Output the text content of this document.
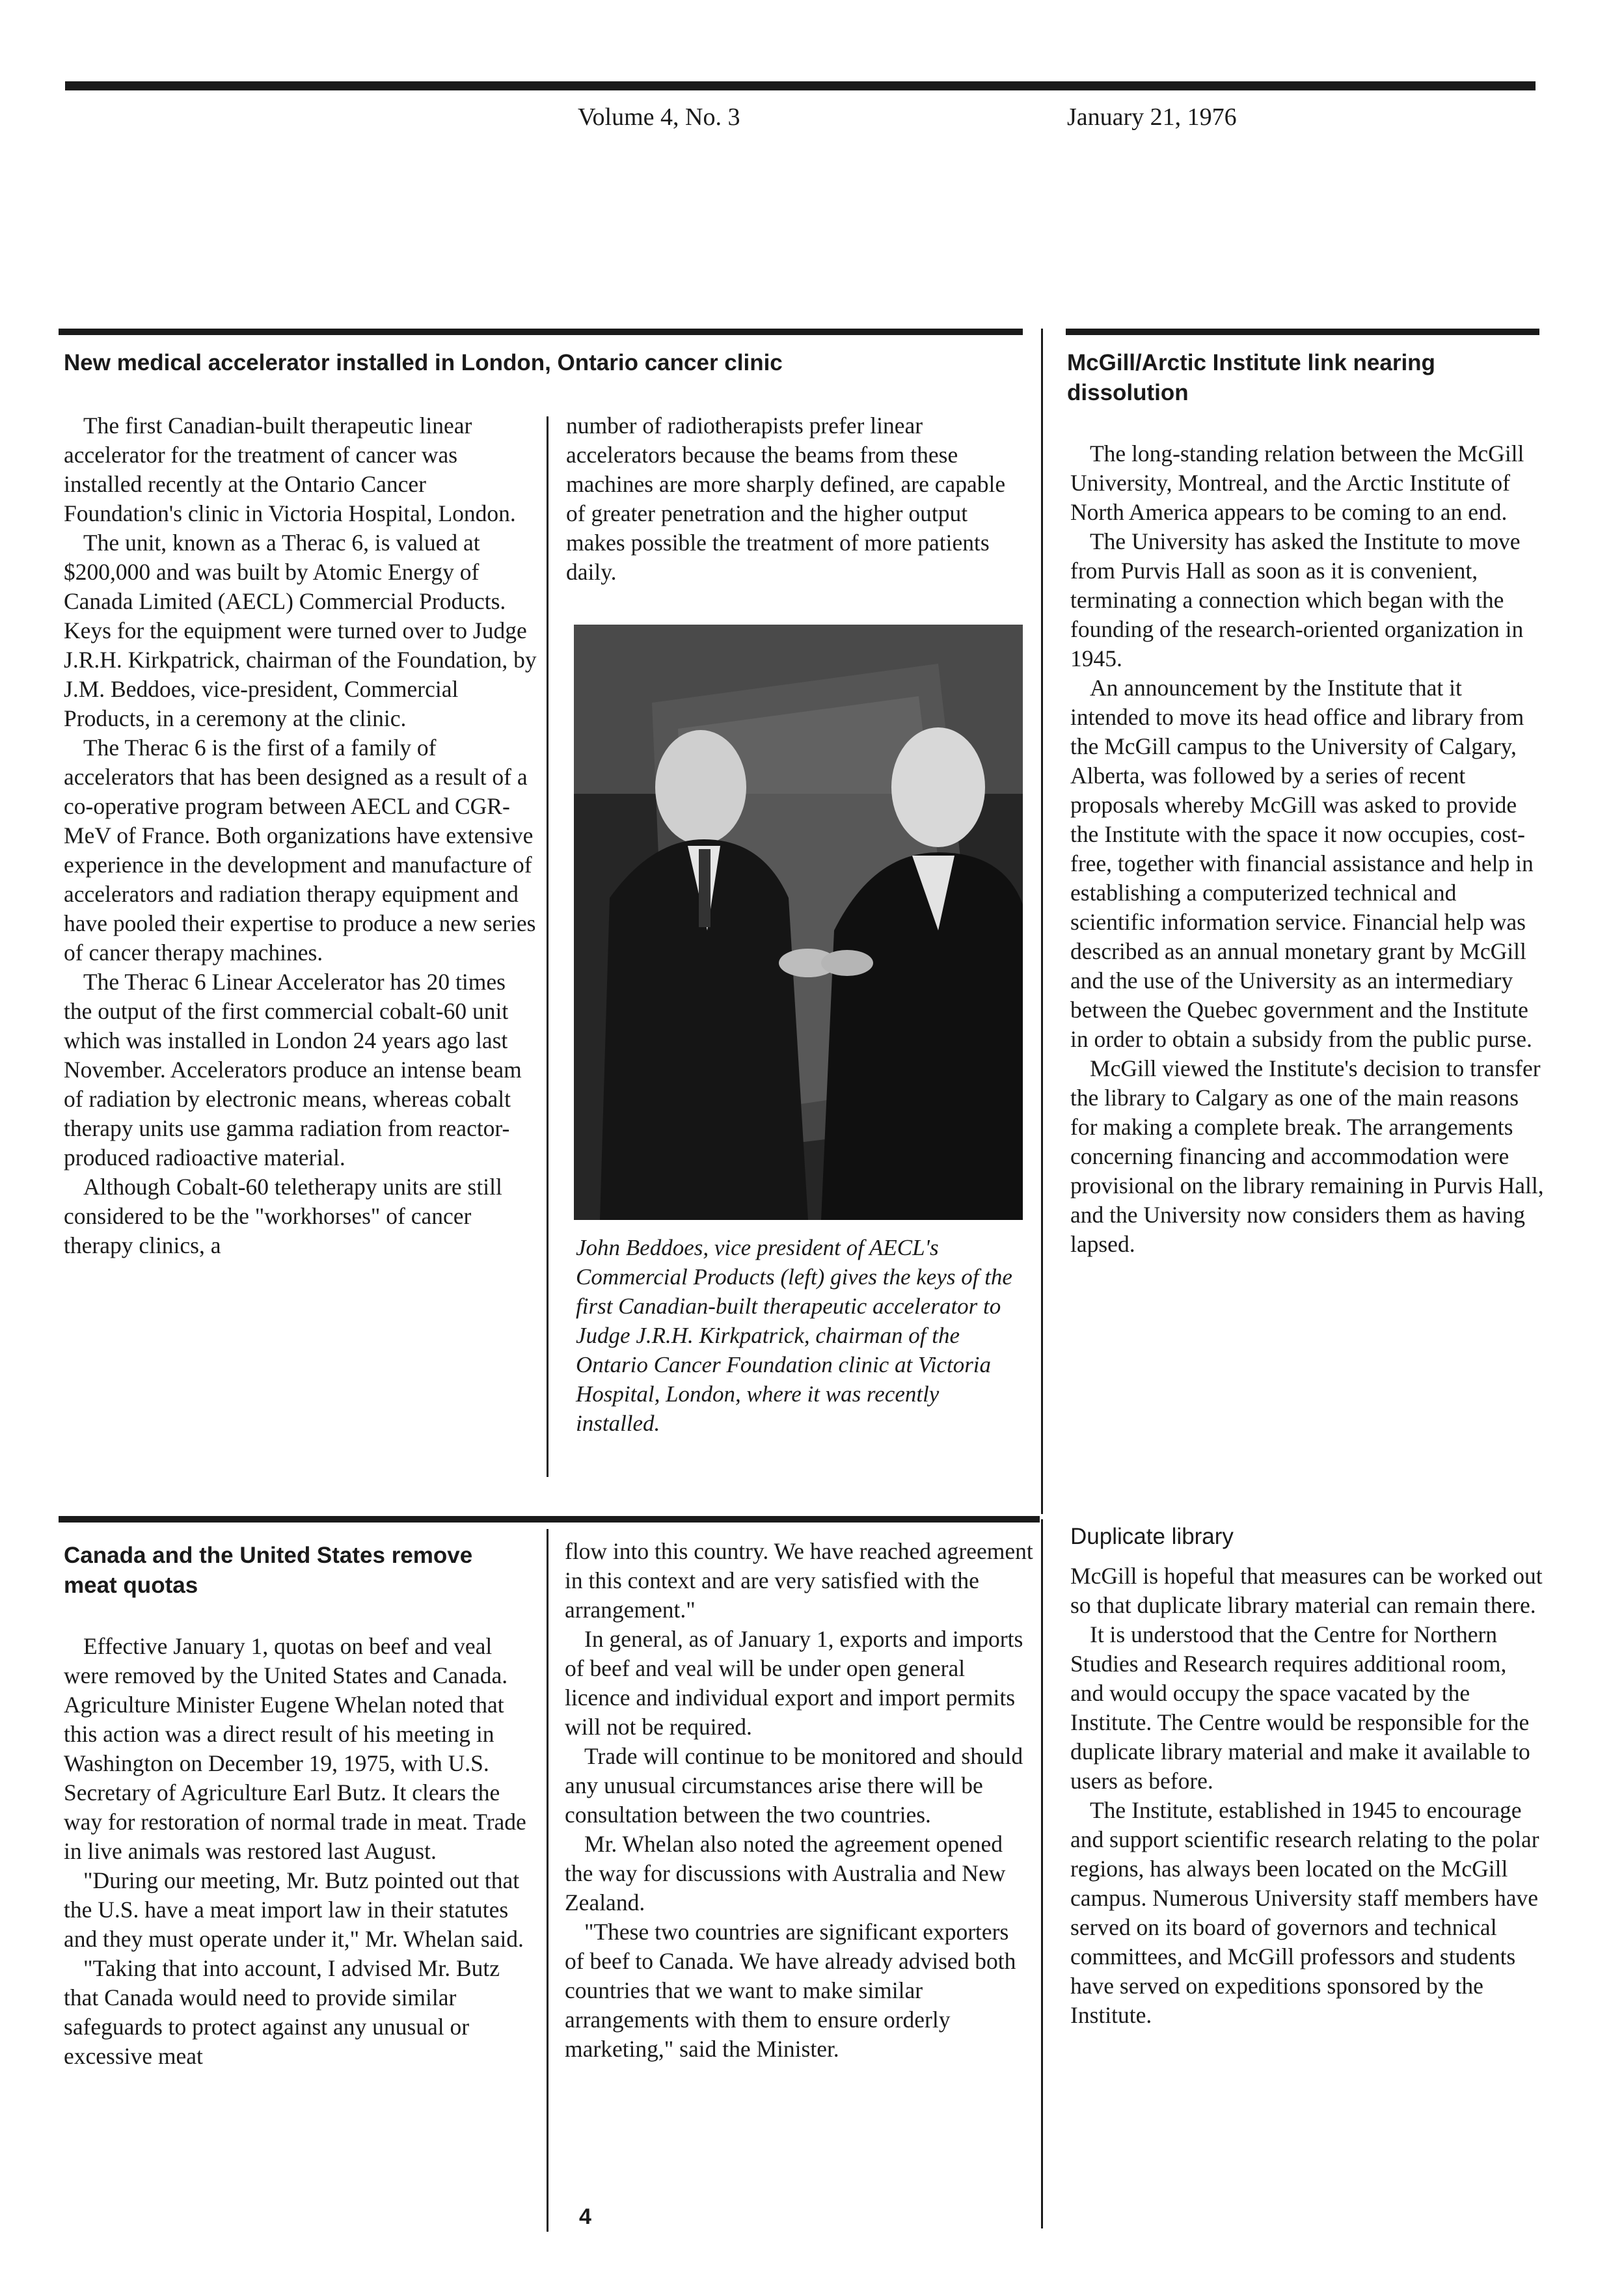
Volume 4, No. 3	January 21, 1976
New medical accelerator installed in London, Ontario cancer clinic

The first Canadian-built therapeutic linear accelerator for the treatment of cancer was installed recently at the Ontario Cancer Foundation's clinic in Victoria Hospital, London.

The unit, known as a Therac 6, is valued at $200,000 and was built by Atomic Energy of Canada Limited (AECL) Commercial Products. Keys for the equipment were turned over to Judge J.R.H. Kirkpatrick, chairman of the Foundation, by J.M. Beddoes, vice-president, Commercial Products, in a ceremony at the clinic.

The Therac 6 is the first of a family of accelerators that has been designed as a result of a co-operative program between AECL and CGR-MeV of France. Both organizations have extensive experience in the development and manufacture of accelerators and radiation therapy equipment and have pooled their expertise to produce a new series of cancer therapy machines.

The Therac 6 Linear Accelerator has 20 times the output of the first commercial cobalt-60 unit which was installed in London 24 years ago last November. Accelerators produce an intense beam of radiation by electronic means, whereas cobalt therapy units use gamma radiation from reactor-produced radioactive material.

Although Cobalt-60 teletherapy units are still considered to be the "workhorses" of cancer therapy clinics, a

number of radiotherapists prefer linear accelerators because the beams from these machines are more sharply defined, are capable of greater penetration and the higher output makes possible the treatment of more patients daily.

John Beddoes, vice president of AECL's Commercial Products (left) gives the keys of the first Canadian-built therapeutic accelerator to Judge J.R.H. Kirkpatrick, chairman of the Ontario Cancer Foundation clinic at Victoria Hospital, London, where it was recently installed.
McGill/Arctic Institute link nearing dissolution

The long-standing relation between the McGill University, Montreal, and the Arctic Institute of North America appears to be coming to an end.

The University has asked the Institute to move from Purvis Hall as soon as it is convenient, terminating a connection which began with the founding of the research-oriented organization in 1945.

An announcement by the Institute that it intended to move its head office and library from the McGill campus to the University of Calgary, Alberta, was followed by a series of recent proposals whereby McGill was asked to provide the Institute with the space it now occupies, cost-free, together with financial assistance and help in establishing a computerized technical and scientific information service. Financial help was described as an annual monetary grant by McGill and the use of the University as an intermediary between the Quebec government and the Institute in order to obtain a subsidy from the public purse.

McGill viewed the Institute's decision to transfer the library to Calgary as one of the main reasons for making a complete break. The arrangements concerning financing and accommodation were provisional on the library remaining in Purvis Hall, and the University now considers them as having lapsed.

Duplicate library

McGill is hopeful that measures can be worked out so that duplicate library material can remain there.

It is understood that the Centre for Northern Studies and Research requires additional room, and would occupy the space vacated by the Institute. The Centre would be responsible for the duplicate library material and make it available to users as before.

The Institute, established in 1945 to encourage and support scientific research relating to the polar regions, has always been located on the McGill campus. Numerous University staff members have served on its board of governors and technical committees, and McGill professors and students have served on expeditions sponsored by the Institute.

Canada and the United States remove meat quotas

Effective January 1, quotas on beef and veal were removed by the United States and Canada. Agriculture Minister Eugene Whelan noted that this action was a direct result of his meeting in Washington on December 19, 1975, with U.S. Secretary of Agriculture Earl Butz. It clears the way for restoration of normal trade in meat. Trade in live animals was restored last August.

"During our meeting, Mr. Butz pointed out that the U.S. have a meat import law in their statutes and they must operate under it," Mr. Whelan said.

"Taking that into account, I advised Mr. Butz that Canada would need to provide similar safeguards to protect against any unusual or excessive meat

flow into this country. We have reached agreement in this context and are very satisfied with the arrangement."

In general, as of January 1, exports and imports of beef and veal will be under open general licence and individual export and import permits will not be required.

Trade will continue to be monitored and should any unusual circumstances arise there will be consultation between the two countries.

Mr. Whelan also noted the agreement opened the way for discussions with Australia and New Zealand.

"These two countries are significant exporters of beef to Canada. We have already advised both countries that we want to make similar arrangements with them to ensure orderly marketing," said the Minister.

4
